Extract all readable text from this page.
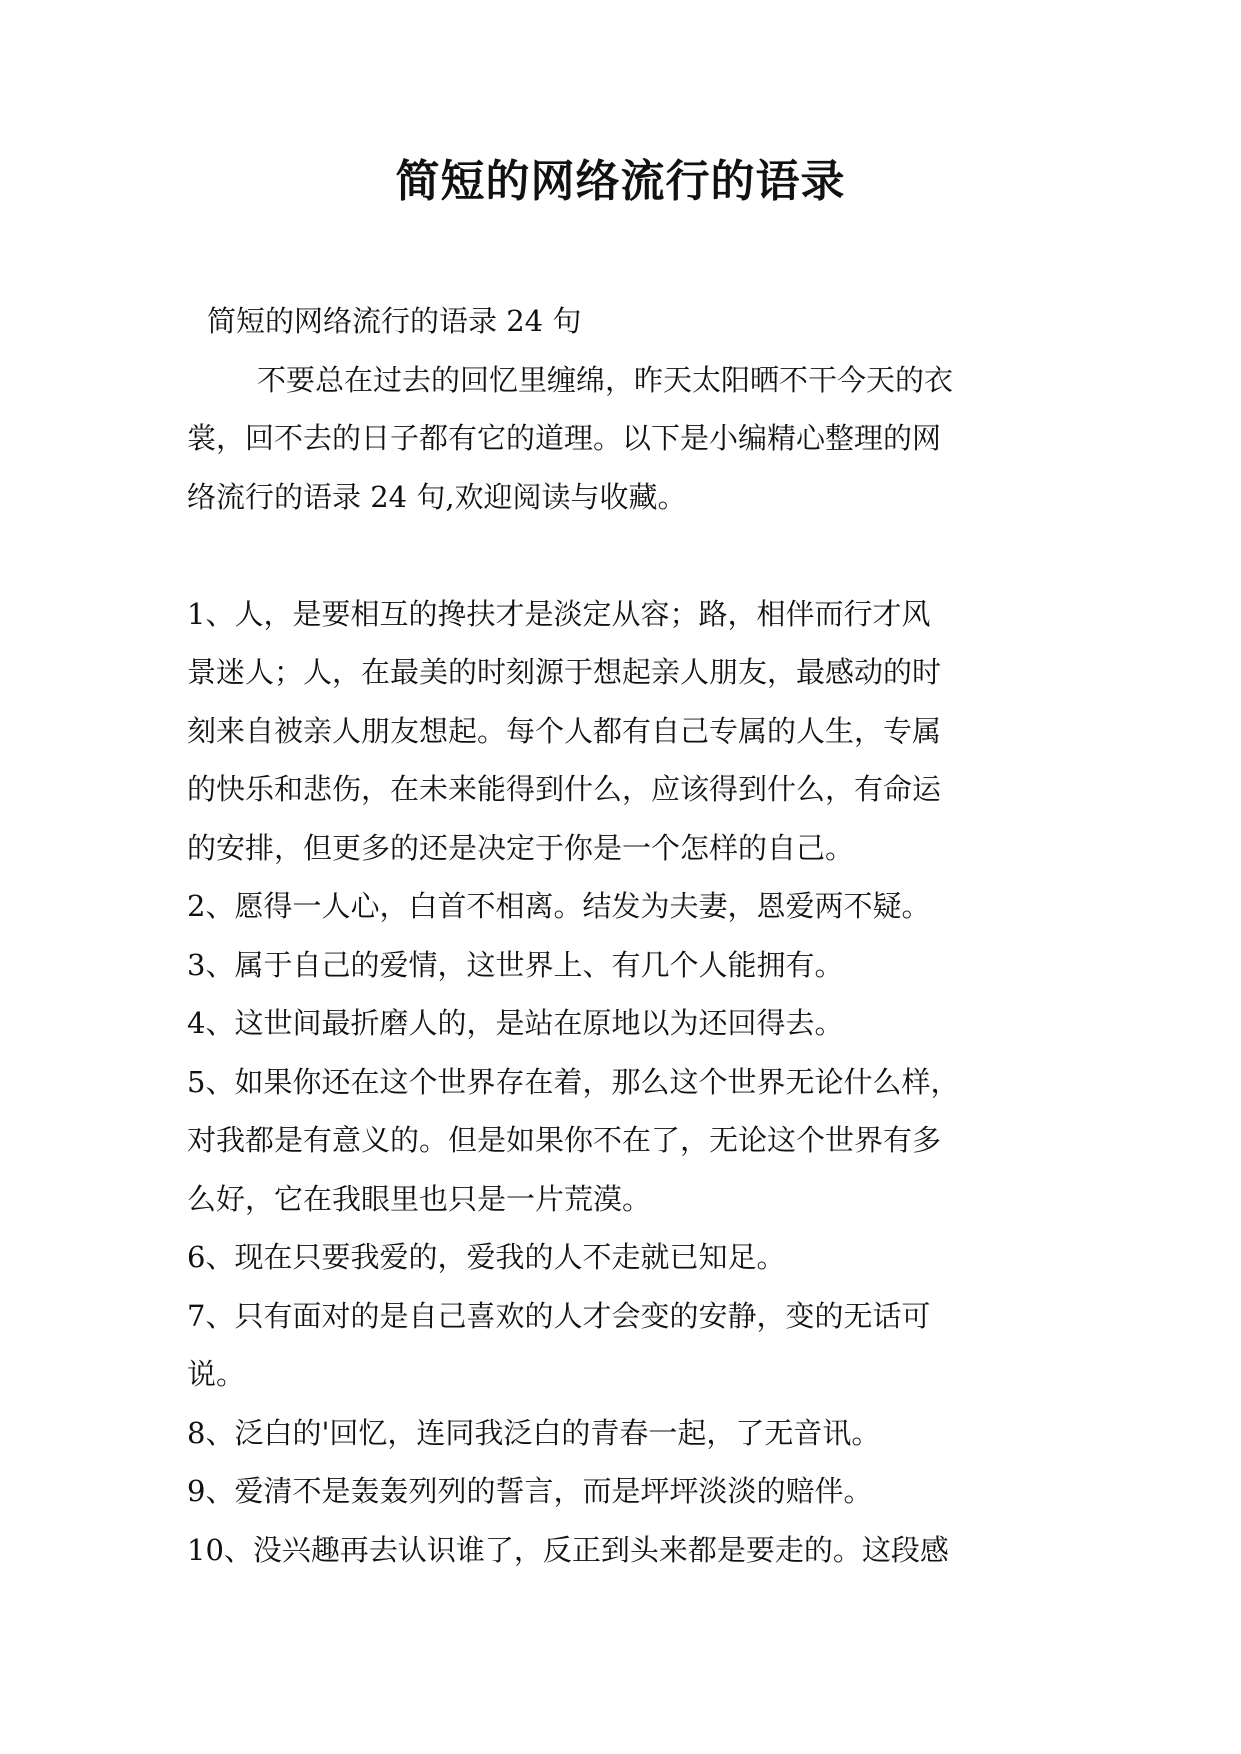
简短的网络流行的语录
简短的网络流行的语录 24 句
不要总在过去的回忆里缠绵，昨天太阳晒不干今天的衣
裳，回不去的日子都有它的道理。以下是小编精心整理的网
络流行的语录 24 句,欢迎阅读与收藏。
1、人，是要相互的搀扶才是淡定从容；路，相伴而行才风
景迷人；人，在最美的时刻源于想起亲人朋友，最感动的时
刻来自被亲人朋友想起。每个人都有自己专属的人生，专属
的快乐和悲伤，在未来能得到什么，应该得到什么，有命运
的安排，但更多的还是决定于你是一个怎样的自己。
2、愿得一人心，白首不相离。结发为夫妻，恩爱两不疑。
3、属于自己的爱情，这世界上、有几个人能拥有。
4、这世间最折磨人的，是站在原地以为还回得去。
5、如果你还在这个世界存在着，那么这个世界无论什么样，
对我都是有意义的。但是如果你不在了，无论这个世界有多
么好，它在我眼里也只是一片荒漠。
6、现在只要我爱的，爱我的人不走就已知足。
7、只有面对的是自己喜欢的人才会变的安静，变的无话可
说。
8、泛白的'回忆，连同我泛白的青春一起，了无音讯。
9、爱清不是轰轰列列的誓言，而是坪坪淡淡的赔伴。
10、没兴趣再去认识谁了，反正到头来都是要走的。这段感
